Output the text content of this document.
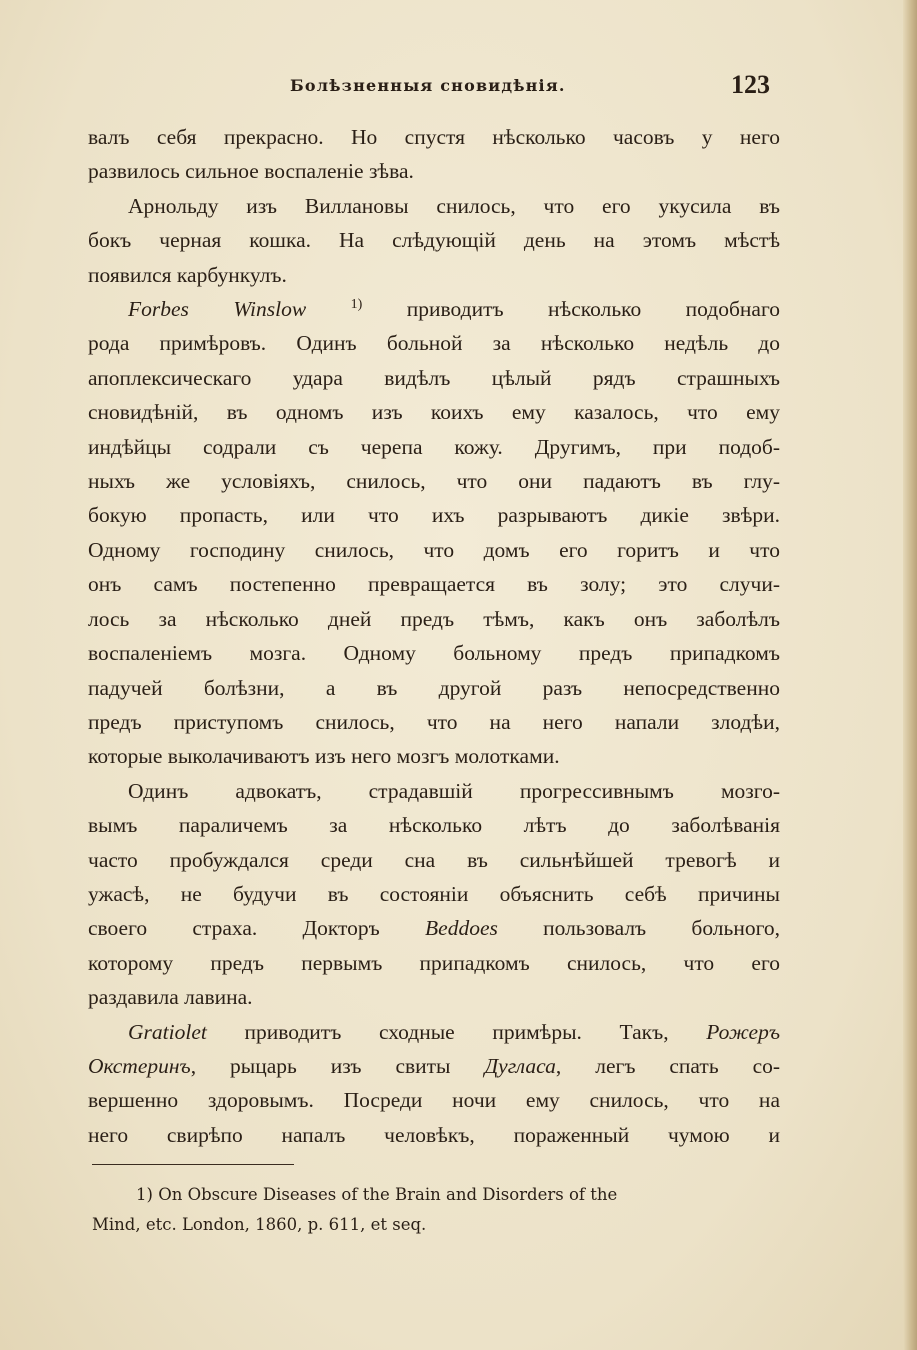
Болѣзненныя сновидѣнія.	123

валъ себя прекрасно. Но спустя нѣсколько часовъ у него
развилось сильное воспаленіе зѣва.

Арнольду изъ Виллановы снилось, что его укусила въ
бокъ черная кошка. На слѣдующій день на этомъ мѣстѣ
появился карбункулъ.

Forbes Winslow	$^{1)}$ приводитъ нѣсколько подобнаго
рода примѣровъ. Одинъ больной за нѣсколько недѣль до
апоплексическаго удара видѣлъ цѣлый рядъ страшныхъ
сновидѣній, въ одномъ изъ коихъ ему казалось, что ему
индѣйцы содрали съ черепа кожу. Другимъ, при подоб-
ныхъ же условіяхъ, снилось, что они падаютъ въ глу-
бокую пропасть, или что ихъ разрываютъ дикіе звѣри.
Одному господину снилось, что домъ его горитъ и что
онъ самъ постепенно превращается въ золу; это случи-
лось за нѣсколько дней предъ тѣмъ, какъ онъ заболѣлъ
воспаленіемъ мозга. Одному больному предъ припадкомъ
падучей болѣзни, а въ другой разъ непосредственно
предъ приступомъ снилось, что на него напали злодѣи,
которые выколачиваютъ изъ него мозгъ молотками.

Одинъ адвокатъ, страдавшій прогрессивнымъ мозго-
вымъ параличемъ за нѣсколько лѣтъ до заболѣванія
часто пробуждался среди сна въ сильнѣйшей тревогѣ и
ужасѣ, не будучи въ состояніи объяснить себѣ причины
своего страха. Докторъ Beddoes пользовалъ больного,
которому предъ первымъ припадкомъ снилось, что его
раздавила лавина.

Gratiolet приводитъ сходные примѣры. Такъ, Рожеръ
Окстеринъ, рыцарь изъ свиты Дугласа, легъ спать со-
вершенно здоровымъ. Посреди ночи ему снилось, что на
него свирѣпо напалъ человѣкъ, пораженный чумою и

1) On Obscure Diseases of the Brain and Disorders of the
Mind, etc. London, 1860, p. 611, et seq.
